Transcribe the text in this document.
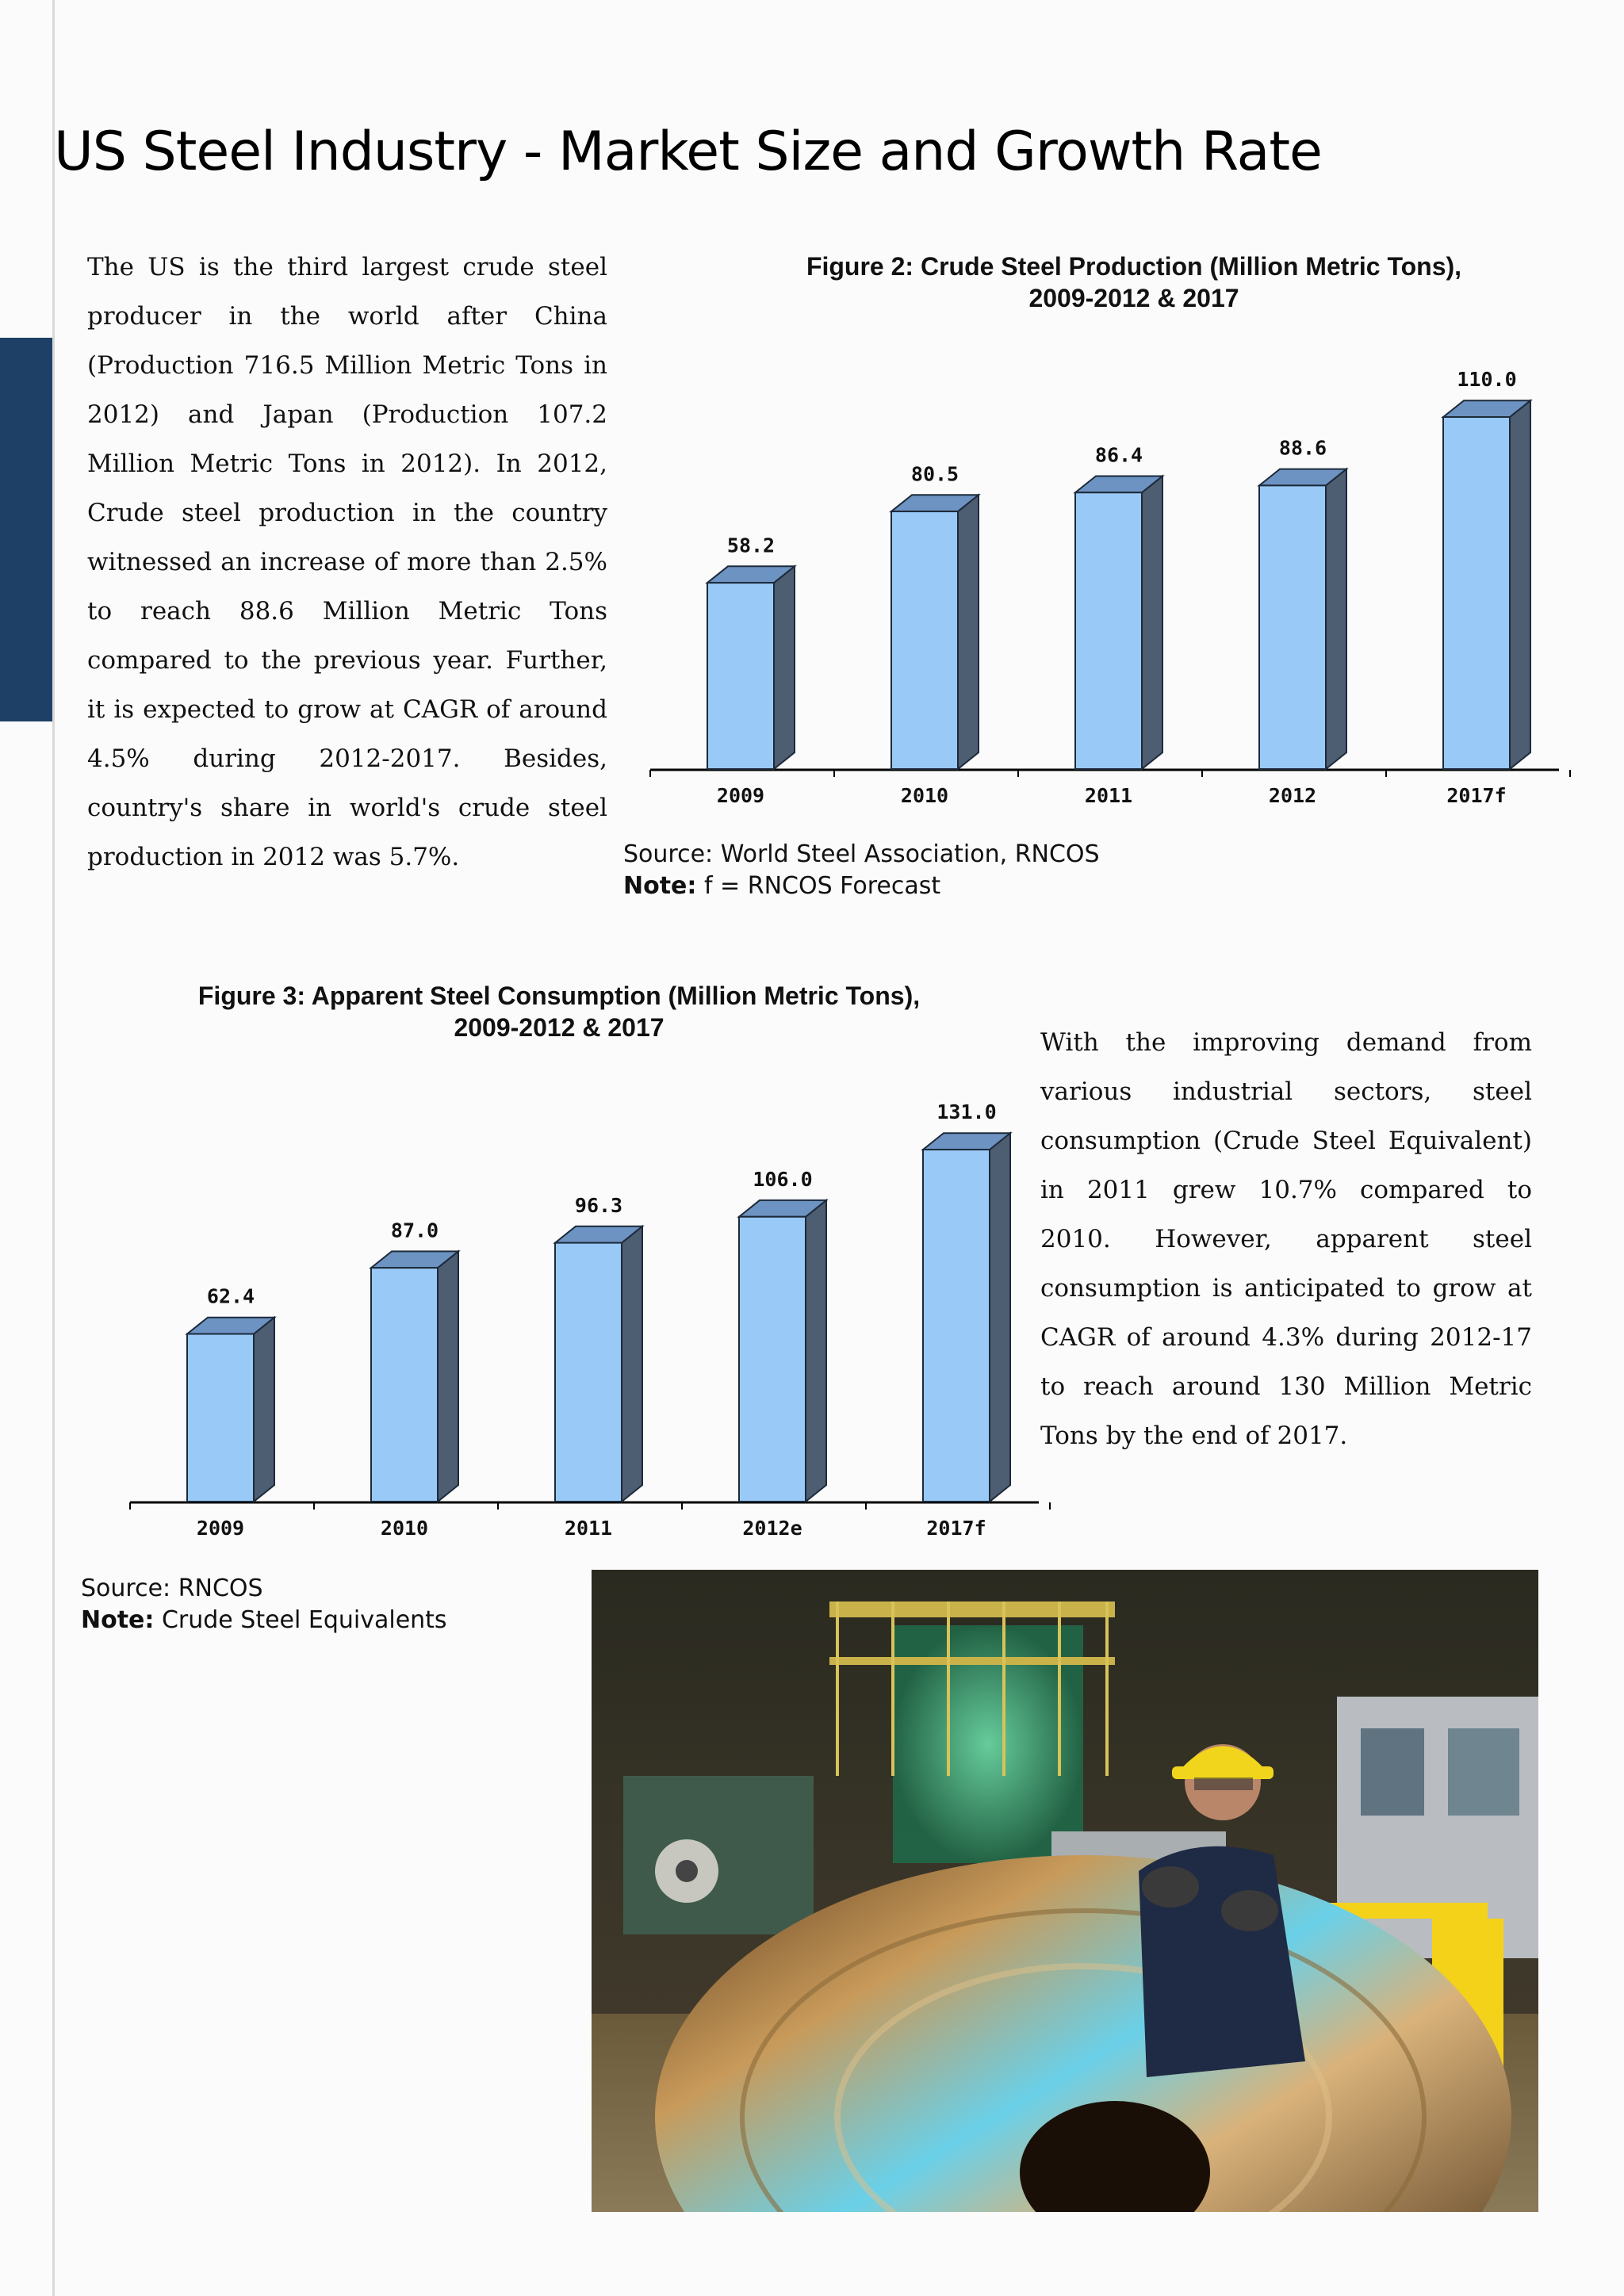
US Steel Industry - Market Size and Growth Rate

The US is the third largest crude steel producer in the world after China (Production 716.5 Million Metric Tons in 2012) and Japan (Production 107.2 Million Metric Tons in 2012). In 2012, Crude steel production in the country witnessed an increase of more than 2.5% to reach 88.6 Million Metric Tons compared to the previous year. Further, it is expected to grow at CAGR of around 4.5% during 2012-2017. Besides, country's share in world's crude steel production in 2012 was 5.7%.

Figure 2: Crude Steel Production (Million Metric Tons),
2009-2012 & 2017
58.2
2009
80.5
2010
86.4
2011
88.6
2012
110.0
2017f

Source: World Steel Association, RNCOS
Note: f = RNCOS Forecast

Figure 3: Apparent Steel Consumption (Million Metric Tons),
2009-2012 & 2017
62.4
2009
87.0
2010
96.3
2011
106.0
2012e
131.0
2017f

With the improving demand from various industrial sectors, steel consumption (Crude Steel Equivalent) in 2011 grew 10.7% compared to 2010. However, apparent steel consumption is anticipated to grow at CAGR of around 4.3% during 2012-17 to reach around 130 Million Metric Tons by the end of 2017.

Source: RNCOS
Note: Crude Steel Equivalents
